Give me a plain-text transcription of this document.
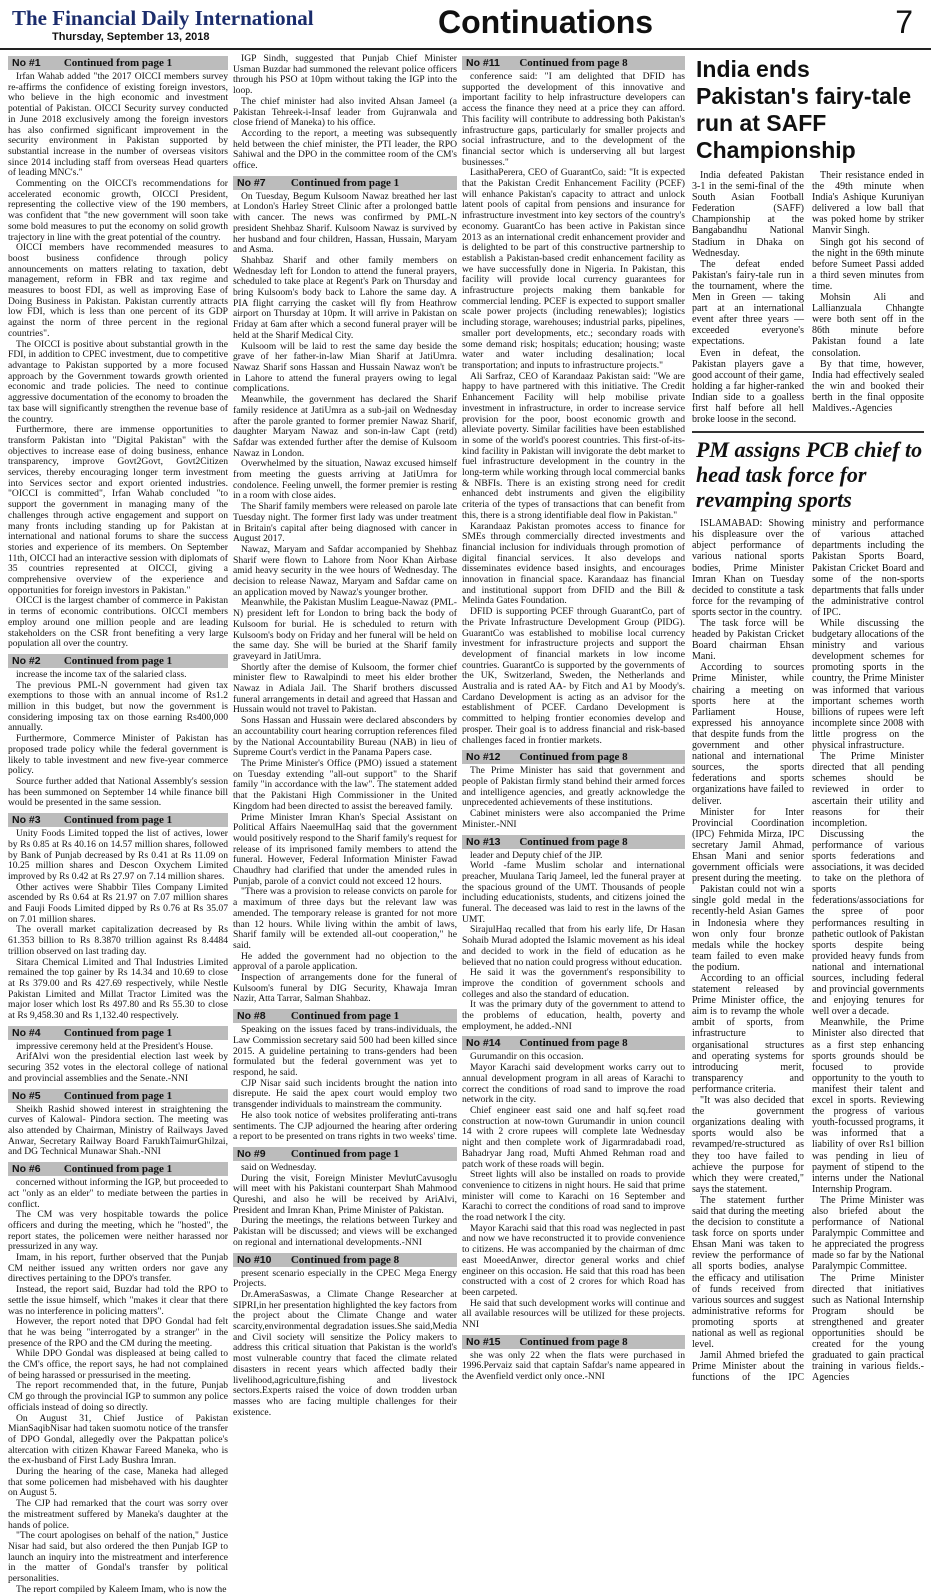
The Financial Daily International
Thursday, September 13, 2018	Continuations	7
No #1	Continued from page 1

Irfan Wahab added "the 2017 OICCI members survey re-affirms the confidence of existing foreign investors, who believe in the high economic and investment potential of Pakistan. OICCI Security survey conducted in June 2018 exclusively among the foreign investors has also confirmed significant improvement in the security environment in Pakistan supported by substantial increase in the number of overseas visitors since 2014 including staff from overseas Head quarters of leading MNC's."

Commenting on the OICCI's recommendations for accelerated economic growth, OICCI President, representing the collective view of the 190 members, was confident that "the new government will soon take some bold measures to put the economy on solid growth trajectory in line with the great potential of the country.

OICCI members have recommended measures to boost business confidence through policy announcements on matters relating to taxation, debt management, reform in FBR and tax regime and measures to boost FDI, as well as improving Ease of Doing Business in Pakistan. Pakistan currently attracts low FDI, which is less than one percent of its GDP against the norm of three percent in the regional countries".

The OICCI is positive about substantial growth in the FDI, in addition to CPEC investment, due to competitive advantage to Pakistan supported by a more focused approach by the Government towards growth oriented economic and trade policies. The need to continue aggressive documentation of the economy to broaden the tax base will significantly strengthen the revenue base of the country.

Furthermore, there are immense opportunities to transform Pakistan into "Digital Pakistan" with the objectives to increase ease of doing business, enhance transparency, improve Govt2Govt, Govt2Citizen services, thereby encouraging longer term investment into Services sector and export oriented industries. "OICCI is committed", Irfan Wahab concluded "to support the government in managing many of the challenges through active engagement and support on many fronts including standing up for Pakistan at international and national forums to share the success stories and experience of its members. On September 11th, OICCI had an interactive session with diplomats of 35 countries represented at OICCI, giving a comprehensive overview of the experience and opportunities for foreign investors in Pakistan."

OICCI is the largest chamber of commerce in Pakistan in terms of economic contributions. OICCI members employ around one million people and are leading stakeholders on the CSR front benefiting a very large population all over the country.

No #2	Continued from page 1

increase the income tax of the salaried class.

The previous PML-N government had given tax exemptions to those with an annual income of Rs1.2 million in this budget, but now the government is considering imposing tax on those earning Rs400,000 annually.

Furthermore, Commerce Minister of Pakistan has proposed trade policy while the federal government is likely to table investment and new five-year commerce policy.

Source further added that National Assembly's session has been summoned on September 14 while finance bill would be presented in the same session.

No #3	Continued from page 1

Unity Foods Limited topped the list of actives, lower by Rs 0.85 at Rs 40.16 on 14.57 million shares, followed by Bank of Punjab decreased by Rs 0.41 at Rs 11.09 on 10.25 million shares and Descon Oxychem Limited improved by Rs 0.42 at Rs 27.97 on 7.14 million shares.

Other actives were Shabbir Tiles Company Limited ascended by Rs 0.64 at Rs 21.97 on 7.07 million shares and Fauji Foods Limited dipped by Rs 0.76 at Rs 35.07 on 7.01 million shares.

The overall market capitalization decreased by Rs 61.353 billion to Rs 8.3870 trillion against Rs 8.4484 trillion observed on last trading day.

Sitara Chemical Limited and Thal Industries Limited remained the top gainer by Rs 14.34 and 10.69 to close at Rs 379.00 and Rs 427.69 respectively, while Nestle Pakistan Limited and Millat Tractor Limited was the major loser which lost Rs 497.80 and Rs 55.30 to close at Rs 9,458.30 and Rs 1,132.40 respectively.

No #4	Continued from page 1

impressive ceremony held at the President's House.

ArifAlvi won the presidential election last week by securing 352 votes in the electoral college of national and provincial assemblies and the Senate.-NNI

No #5	Continued from page 1

Sheikh Rashid showed interest in straightening the curves of Kalowal- Pindora section. The meeting was also attended by Chairman, Ministry of Railways Javed Anwar, Secretary Railway Board FarukhTaimurGhilzai, and DG Technical Munawar Shah.-NNI

No #6	Continued from page 1

concerned without informing the IGP, but proceeded to act "only as an elder" to mediate between the parties in conflict.

The CM was very hospitable towards the police officers and during the meeting, which he "hosted", the report states, the policemen were neither harassed nor pressurized in any way.

Imam, in his report, further observed that the Punjab CM neither issued any written orders nor gave any directives pertaining to the DPO's transfer.

Instead, the report said, Buzdar had told the RPO to settle the issue himself, which "makes it clear that there was no interference in policing matters".

However, the report noted that DPO Gondal had felt that he was being "interrogated by a stranger" in the presence of the RPO and the CM during the meeting.

While DPO Gondal was displeased at being called to the CM's office, the report says, he had not complained of being harassed or pressurised in the meeting.

The report recommended that, in the future, Punjab CM go through the provincial IGP to summon any police officials instead of doing so directly.

On August 31, Chief Justice of Pakistan MianSaqibNisar had taken suomotu notice of the transfer of DPO Gondal, allegedly over the Pakpattan police's altercation with citizen Khawar Fareed Maneka, who is the ex-husband of First Lady Bushra Imran.

During the hearing of the case, Maneka had alleged that some policemen had misbehaved with his daughter on August 5.

The CJP had remarked that the court was sorry over the mistreatment suffered by Maneka's daughter at the hands of police.

"The court apologises on behalf of the nation," Justice Nisar had said, but also ordered the then Punjab IGP to launch an inquiry into the mistreatment and interference in the matter of Gondal's transfer by political personalities.

The report compiled by Kaleem Imam, who is now the

IGP Sindh, suggested that Punjab Chief Minister Usman Buzdar had summoned the relevant police officers through his PSO at 10pm without taking the IGP into the loop.

The chief minister had also invited Ahsan Jameel (a Pakistan Tehreek-i-Insaf leader from Gujranwala and close friend of Maneka) to his office.

According to the report, a meeting was subsequently held between the chief minister, the PTI leader, the RPO Sahiwal and the DPO in the committee room of the CM's office.

No #7	Continued from page 1

On Tuesday, Begum Kulsoom Nawaz breathed her last at London's Harley Street Clinic after a prolonged battle with cancer. The news was confirmed by PML-N president Shehbaz Sharif. Kulsoom Nawaz is survived by her husband and four children, Hassan, Hussain, Maryam and Asma.

Shahbaz Sharif and other family members on Wednesday left for London to attend the funeral prayers, scheduled to take place at Regent's Park on Thursday and bring Kulsoom's body back to Lahore the same day. A PIA flight carrying the casket will fly from Heathrow airport on Thursday at 10pm. It will arrive in Pakistan on Friday at 6am after which a second funeral prayer will be held at the Sharif Medical City.

Kulsoom will be laid to rest the same day beside the grave of her father-in-law Mian Sharif at JatiUmra. Nawaz Sharif sons Hassan and Hussain Nawaz won't be in Lahore to attend the funeral prayers owing to legal complications.

Meanwhile, the government has declared the Sharif family residence at JatiUmra as a sub-jail on Wednesday after the parole granted to former premier Nawaz Sharif, daughter Maryam Nawaz and son-in-law Capt (retd) Safdar was extended further after the demise of Kulsoom Nawaz in London.

Overwhelmed by the situation, Nawaz excused himself from meeting the guests arriving at JatiUmra for condolence. Feeling unwell, the former premier is resting in a room with close aides.

The Sharif family members were released on parole late Tuesday night. The former first lady was under treatment in Britain's capital after being diagnosed with cancer in August 2017.

Nawaz, Maryam and Safdar accompanied by Shehbaz Sharif were flown to Lahore from Noor Khan Airbase amid heavy security in the wee hours of Wednesday. The decision to release Nawaz, Maryam and Safdar came on an application moved by Nawaz's younger brother.

Meanwhile, the Pakistan Muslim League-Nawaz (PML-N) president left for London to bring back the body of Kulsoom for burial. He is scheduled to return with Kulsoom's body on Friday and her funeral will be held on the same day. She will be buried at the Sharif family graveyard in JatiUmra.

Shortly after the demise of Kulsoom, the former chief minister flew to Rawalpindi to meet his elder brother Nawaz in Adiala Jail. The Sharif brothers discussed funeral arrangements in detail and agreed that Hassan and Hussain would not travel to Pakistan.

Sons Hassan and Hussain were declared absconders by an accountability court hearing corruption references filed by the National Accountability Bureau (NAB) in lieu of Supreme Court's verdict in the Panama Papers case.

The Prime Minister's Office (PMO) issued a statement on Tuesday extending "all-out support" to the Sharif family "in accordance with the law". The statement added that the Pakistani High Commissioner in the United Kingdom had been directed to assist the bereaved family.

Prime Minister Imran Khan's Special Assistant on Political Affairs NaeemulHaq said that the government would positively respond to the Sharif family's request for release of its imprisoned family members to attend the funeral. However, Federal Information Minister Fawad Chaudhry had clarified that under the amended rules in Punjab, parole of a convict could not exceed 12 hours.

"There was a provision to release convicts on parole for a maximum of three days but the relevant law was amended. The temporary release is granted for not more than 12 hours. While living within the ambit of laws, Sharif family will be extended all-out cooperation," he said.

He added the government had no objection to the approval of a parole application.

Inspection of arrangements done for the funeral of Kulsoom's funeral by DIG Security, Khawaja Imran Nazir, Atta Tarrar, Salman Shahbaz.

No #8	Continued from page 1

Speaking on the issues faced by trans-individuals, the Law Commission secretary said 500 had been killed since 2015. A guideline pertaining to trans-genders had been formulated but the federal government was yet to respond, he said.

CJP Nisar said such incidents brought the nation into disrepute. He said the apex court would employ two transgender individuals to mainstream the community.

He also took notice of websites proliferating anti-trans sentiments. The CJP adjourned the hearing after ordering a report to be presented on trans rights in two weeks' time.

No #9	Continued from page 1

said on Wednesday.

During the visit, Foreign Minister MevlutCavusoglu will meet with his Pakistani counterpart Shah Mahmood Qureshi, and also he will be received by AriAlvi, President and Imran Khan, Prime Minister of Pakistan.

During the meetings, the relations between Turkey and Pakistan will be discussed; and views will be exchanged on regional and international developments.-NNI

No #10	Continued from page 8

present scenario especially in the CPEC Mega Energy Projects.

Dr.AmeraSaswas, a Climate Change Researcher at SIPRI,in her presentation highlighted the key factors from the project about the Climate Change and water scarcity,environmental degradation issues.She said,Media and Civil society will sensitize the Policy makers to address this critical situation that Pakistan is the world's most vulnerable country that faced the climate related disasters in recent years which affected badly their livelihood,agriculture,fishing and livestock sectors.Experts raised the voice of down trodden urban masses who are facing multiple challenges for their existence.

No #11	Continued from page 8

conference said: "I am delighted that DFID has supported the development of this innovative and important facility to help infrastructure developers can access the finance they need at a price they can afford. This facility will contribute to addressing both Pakistan's infrastructure gaps, particularly for smaller projects and social infrastructure, and to the development of the financial sector which is underserving all but largest businesses."

LasithaPerera, CEO of GuarantCo, said: "It is expected that the Pakistan Credit Enhancement Facility (PCEF) will enhance Pakistan's capacity to attract and unlock latent pools of capital from pensions and insurance for infrastructure investment into key sectors of the country's economy. GuarantCo has been active in Pakistan since 2013 as an international credit enhancement provider and is delighted to be part of this constructive partnership to establish a Pakistan-based credit enhancement facility as we have successfully done in Nigeria. In Pakistan, this facility will provide local currency guarantees for infrastructure projects making them bankable for commercial lending. PCEF is expected to support smaller scale power projects (including renewables); logistics including storage, warehouses; industrial parks, pipelines, smaller port developments, etc.; secondary roads with some demand risk; hospitals; education; housing; waste water and water including desalination; local transportation; and inputs to infrastructure projects."

Ali Sarfraz, CEO of Karandaaz Pakistan said: "We are happy to have partnered with this initiative. The Credit Enhancement Facility will help mobilise private investment in infrastructure, in order to increase service provision for the poor, boost economic growth and alleviate poverty. Similar facilities have been established in some of the world's poorest countries. This first-of-its-kind facility in Pakistan will invigorate the debt market to fuel infrastructure development in the country in the long-term while working through local commercial banks & NBFIs. There is an existing strong need for credit enhanced debt instruments and given the eligibility criteria of the types of transactions that can benefit from this, there is a strong identifiable deal flow in Pakistan."

Karandaaz Pakistan promotes access to finance for SMEs through commercially directed investments and financial inclusion for individuals through promotion of digital financial services. It also develops and disseminates evidence based insights, and encourages innovation in financial space. Karandaaz has financial and institutional support from DFID and the Bill & Melinda Gates Foundation.

DFID is supporting PCEF through GuarantCo, part of the Private Infrastructure Development Group (PIDG). GuarantCo was established to mobilise local currency investment for infrastructure projects and support the development of financial markets in low income countries. GuarantCo is supported by the governments of the UK, Switzerland, Sweden, the Netherlands and Australia and is rated AA- by Fitch and A1 by Moody's. Cardano Development is acting as an advisor for the establishment of PCEF. Cardano Development is committed to helping frontier economies develop and prosper. Their goal is to address financial and risk-based challenges faced in frontier markets.

No #12	Continued from page 8

The Prime Minister has said that government and people of Pakistan firmly stand behind their armed forces and intelligence agencies, and greatly acknowledge the unprecedented achievements of these institutions.

Cabinet ministers were also accompanied the Prime Minister.-NNI

No #13	Continued from page 8

leader and Deputy chief of the JIP.

World -fame Muslim scholar and international preacher, Muulana Tariq Jameel, led the funeral prayer at the spacious ground of the UMT. Thousands of people including educationists, students, and citizens joined the funeral. The deceased was laid to rest in the lawns of the UMT.

SirajulHaq recalled that from his early life, Dr Hasan Sohaib Murad adopted the Islamic movement as his ideal and decided to work in the field of education as he believed that no nation could progress without education.

He said it was the government's responsibility to improve the condition of government schools and colleges and also the standard of education.

It was the primary duty of the government to attend to the problems of education, health, poverty and employment, he added.-NNI

No #14	Continued from page 8

Gurumandir on this occasion.

Mayor Karachi said development works carry out to annual development program in all areas of Karachi to correct the conditions of road sand to improve the road network in the city.

Chief engineer east said one and half sq.feet road construction at now-town Gurumandir in union council 14 with 2 crore rupees will complete late Wednesday night and then complete work of Jigarmradabadi road, Bahadryar Jang road, Mufti Ahmed Rehman road and patch work of these roads will begin.

Street lights will also be installed on roads to provide convenience to citizens in night hours. He said that prime minister will come to Karachi on 16 September and Karachi to correct the conditions of road sand to improve the road network I the city.

Mayor Karachi said that this road was neglected in past and now we have reconstructed it to provide convenience to citizens. He was accompanied by the chairman of dmc east MoeedAnwer, director general works and chief engineer on this occasion. He said that this road has been constructed with a cost of 2 crores for which Road has been carpeted.

He said that such development works will continue and all available resources will be utilized for these projects. NNI

No #15	Continued from page 8

she was only 22 when the flats were purchased in 1996.Pervaiz said that captain Safdar's name appeared in the Avenfield verdict only once.-NNI

India ends Pakistan's fairy-tale run at SAFF Championship

India defeated Pakistan 3-1 in the semi-final of the South Asian Football Federation (SAFF) Championship at the Bangabandhu National Stadium in Dhaka on Wednesday.

The defeat ended Pakistan's fairy-tale run in the tournament, where the Men in Green — taking part at an international event after three years — exceeded everyone's expectations.

Even in defeat, the Pakistan players gave a good account of their game, holding a far higher-ranked Indian side to a goalless first half before all hell broke loose in the second.

Their resistance ended in the 49th minute when India's Ashique Kuruniyan delivered a low ball that was poked home by striker Manvir Singh.

Singh got his second of the night in the 69th minute before Sumeet Passi added a third seven minutes from time.

Mohsin Ali and Lallianzuala Chhangte were both sent off in the 86th minute before Pakistan found a late consolation.

By that time, however, India had effectively sealed the win and booked their berth in the final opposite Maldives.-Agencies

PM assigns PCB chief to head task force for revamping sports

ISLAMABAD: Showing his displeasure over the abject performance of various national sports bodies, Prime Minister Imran Khan on Tuesday decided to constitute a task force for the revamping of sports sector in the country.

The task force will be headed by Pakistan Cricket Board chairman Ehsan Mani.

According to sources Prime Minister, while chairing a meeting on sports here at the Parliament House, expressed his annoyance that despite funds from the government and other national and international sources, the sports federations and sports organizations have failed to deliver.

Minister for Inter Provincial Coordination (IPC) Fehmida Mirza, IPC secretary Jamil Ahmad, Ehsan Mani and senior government officials were present during the meeting.

Pakistan could not win a single gold medal in the recently-held Asian Games in Indonesia where they won only four bronze medals while the hockey team failed to even make the podium.

According to an official statement released by Prime Minister office, the aim is to revamp the whole ambit of sports, from infrastructure to organisational structures and operating systems for introducing merit, transparency and performance criteria.

"It was also decided that the government organizations dealing with sports would also be revamped/re-structured as they too have failed to achieve the purpose for which they were created," says the statement.

The statement further said that during the meeting the decision to constitute a task force on sports under Ehsan Mani was taken to review the performance of all sports bodies, analyse the efficacy and utilisation of funds received from various sources and suggest administrative reforms for promoting sports at national as well as regional level.

Jamil Ahmed briefed the Prime Minister about the functions of the IPC ministry and performance of various attached departments including the Pakistan Sports Board, Pakistan Cricket Board and some of the non-sports departments that falls under the administrative control of IPC.

While discussing the budgetary allocations of the ministry and various development schemes for promoting sports in the country, the Prime Minister was informed that various important schemes worth billions of rupees were left incomplete since 2008 with little progress on the physical infrastructure.

The Prime Minister directed that all pending schemes should be reviewed in order to ascertain their utility and reasons for their incompletion.

Discussing the performance of various sports federations and associations, it was decided to take on the plethora of sports federations/associations for the spree of poor performances resulting in pathetic outlook of Pakistan sports despite being provided heavy funds from national and international sources, including federal and provincial governments and enjoying tenures for well over a decade.

Meanwhile, the Prime Minister also directed that as a first step enhancing sports grounds should be focused to provide opportunity to the youth to manifest their talent and excel in sports. Reviewing the progress of various youth-focussed programs, it was informed that a liability of over Rs1 billion was pending in lieu of payment of stipend to the interns under the National Internship Program.

The Prime Minister was also briefed about the performance of National Paralympic Committee and he appreciated the progress made so far by the National Paralympic Committee.

The Prime Minister directed that initiatives such as National Internship Program should be strengthened and greater opportunities should be created for the young graduated to gain practical training in various fields.-Agencies
